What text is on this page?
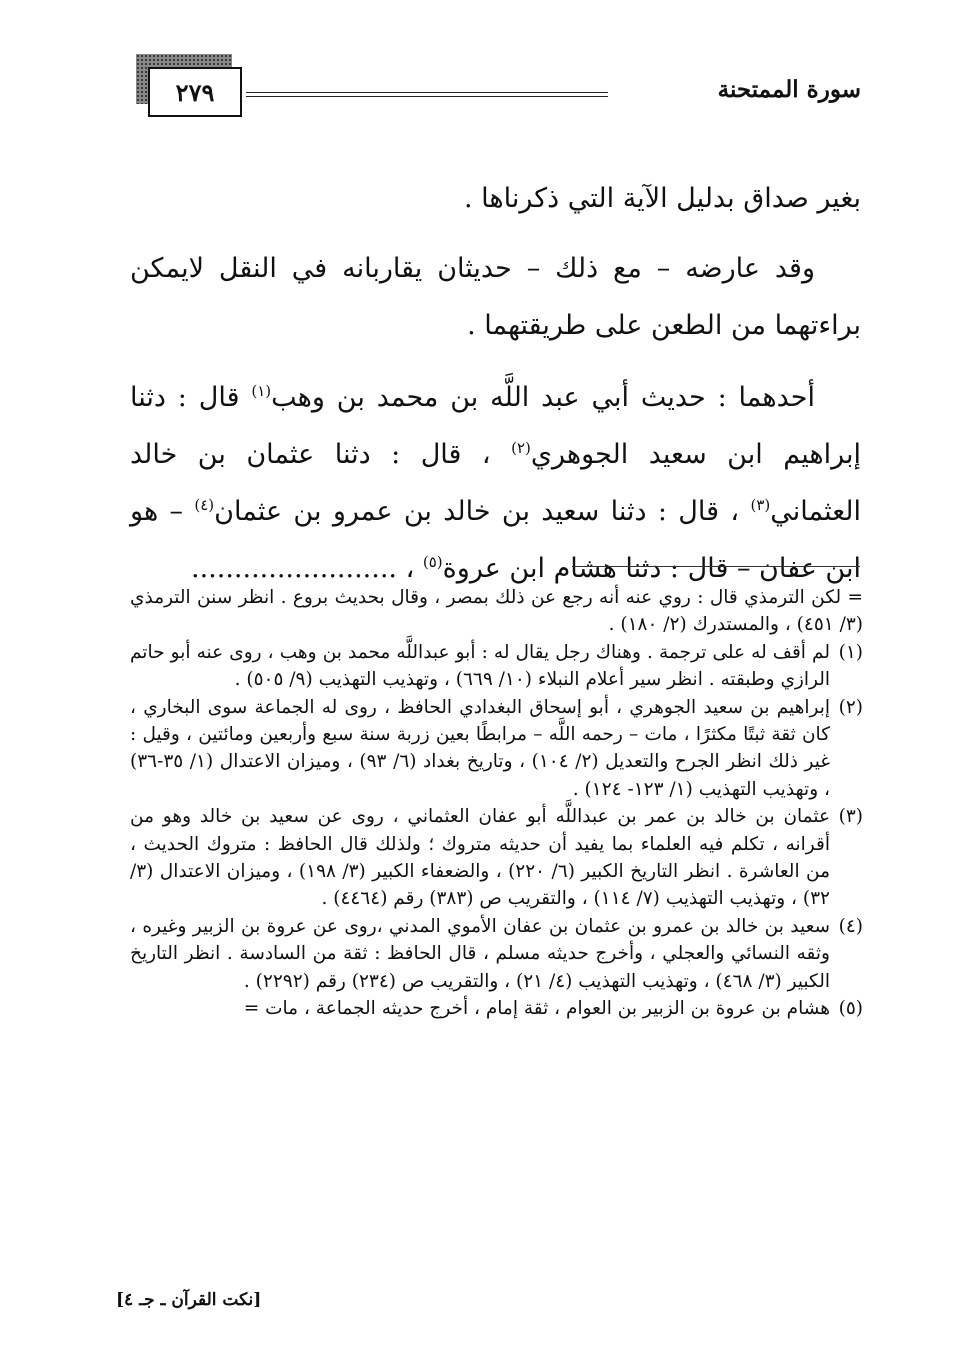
سورة الممتحنة
٢٧٩

بغير صداق بدليل الآية التي ذكرناها .

وقد عارضه – مع ذلك – حديثان يقاربانه في النقل لايمكن براءتهما من الطعن على طريقتهما .

أحدهما : حديث أبي عبد اللَّه بن محمد بن وهب$^{(١)}$ قال : دثنا إبراهيم ابن سعيد الجوهري$^{(٢)}$ ، قال : دثنا عثمان بن خالد العثماني$^{(٣)}$ ، قال : دثنا سعيد بن خالد بن عمرو بن عثمان$^{(٤)}$ – هو ابن عفان – قال : دثنا هشام ابن عروة$^{(٥)}$ ، ........................

= لكن الترمذي قال : روي عنه أنه رجع عن ذلك بمصر ، وقال بحديث بروع . انظر سنن الترمذي (٣/ ٤٥١) ، والمستدرك (٢/ ١٨٠) .
(١)
لم أقف له على ترجمة . وهناك رجل يقال له : أبو عبداللَّه محمد بن وهب ، روى عنه أبو حاتم الرازي وطبقته . انظر سير أعلام النبلاء (١٠/ ٦٦٩) ، وتهذيب التهذيب (٩/ ٥٠٥) .
(٢)
إبراهيم بن سعيد الجوهري ، أبو إسحاق البغدادي الحافظ ، روى له الجماعة سوى البخاري ، كان ثقة ثبتًا مكثرًا ، مات – رحمه اللَّه – مرابطًا بعين زربة سنة سبع وأربعين ومائتين ، وقيل : غير ذلك انظر الجرح والتعديل (٢/ ١٠٤) ، وتاريخ بغداد (٦/ ٩٣) ، وميزان الاعتدال (١/ ٣٥-٣٦) ، وتهذيب التهذيب (١/ ١٢٣- ١٢٤) .
(٣)
عثمان بن خالد بن عمر بن عبداللَّه أبو عفان العثماني ، روى عن سعيد بن خالد وهو من أقرانه ، تكلم فيه العلماء بما يفيد أن حديثه متروك ؛ ولذلك قال الحافظ : متروك الحديث ، من العاشرة . انظر التاريخ الكبير (٦/ ٢٢٠) ، والضعفاء الكبير (٣/ ١٩٨) ، وميزان الاعتدال (٣/ ٣٢) ، وتهذيب التهذيب (٧/ ١١٤) ، والتقريب ص (٣٨٣) رقم (٤٤٦٤) .
(٤)
سعيد بن خالد بن عمرو بن عثمان بن عفان الأموي المدني ،روى عن عروة بن الزبير وغيره ، وثقه النسائي والعجلي ، وأخرج حديثه مسلم ، قال الحافظ : ثقة من السادسة . انظر التاريخ الكبير (٣/ ٤٦٨) ، وتهذيب التهذيب (٤/ ٢١) ، والتقريب ص (٢٣٤) رقم (٢٢٩٢) .
(٥)
هشام بن عروة بن الزبير بن العوام ، ثقة إمام ، أخرج حديثه الجماعة ، مات =
[نكت القرآن ـ جـ ٤]
